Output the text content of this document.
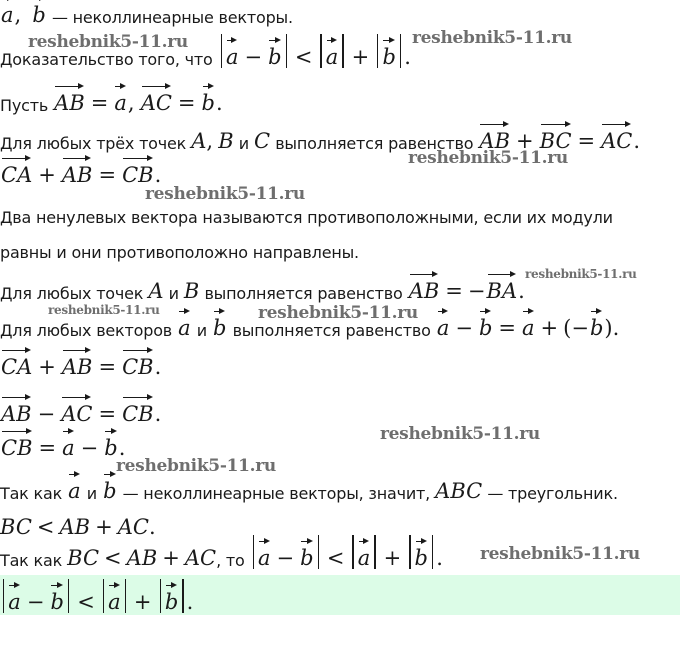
a ,
b
— неколлинеарные векторы.
Доказательство того, что
a − b < a + b .
Пусть
AB = a ,
AC = b .
Для любых трёх точек
A ,
B
и
C
выполняется равенство
AB + BC = AC .
CA + AB = CB .
Два ненулевых вектора называются противоположными, если их модули
равны и они противоположно направлены.
Для любых точек
A
и
B
выполняется равенство
AB = − BA .
Для любых векторов
a
и
b
выполняется равенство
a − b = a + (− b ) .
CA + AB = CB .
AB − AC = CB .
CB = a − b .
Так как
a
и
b
— неколлинеарные векторы, значит,
ABC
— треугольник.
BC < AB + AC .
Так как
BC < AB + AC , то
a − b < a + b .
a − b < a + b .
reshebnik5-11.ru	reshebnik5-11.ru
reshebnik5-11.ru
reshebnik5-11.ru
reshebnik5-11.ru
reshebnik5-11.ru	reshebnik5-11.ru
reshebnik5-11.ru
reshebnik5-11.ru
reshebnik5-11.ru
